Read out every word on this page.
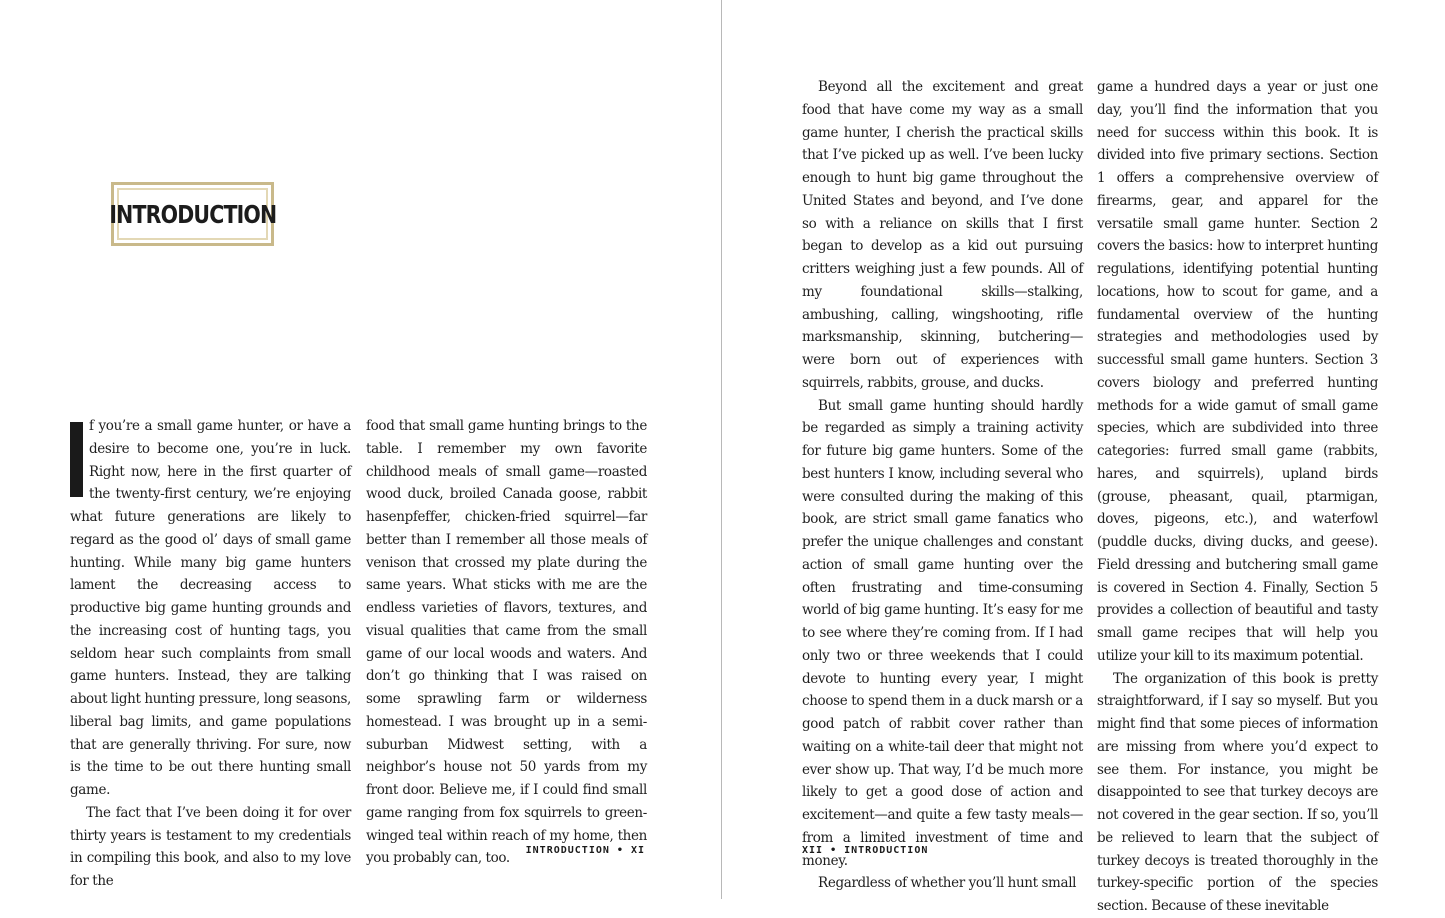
INTRODUCTION

f you’re a small game hunter, or have a desire to become one, you’re in luck. Right now, here in the first quarter of the twenty-first century, we’re enjoying what future generations are likely to regard as the good ol’ days of small game hunting. While many big game hunters lament the decreasing access to productive big game hunting grounds and the increasing cost of hunting tags, you seldom hear such complaints from small game hunters. Instead, they are talking about light hunting pressure, long seasons, liberal bag limits, and game populations that are generally thriving. For sure, now is the time to be out there hunting small game.

The fact that I’ve been doing it for over thirty years is testament to my credentials in compiling this book, and also to my love for the

food that small game hunting brings to the table. I remember my own favorite childhood meals of small game—roasted wood duck, broiled Canada goose, rabbit hasenpfeffer, chicken-fried squirrel—far better than I remember all those meals of venison that crossed my plate during the same years. What sticks with me are the endless varieties of flavors, textures, and visual qualities that came from the small game of our local woods and waters. And don’t go thinking that I was raised on some sprawling farm or wilderness homestead. I was brought up in a semi-suburban Midwest setting, with a neighbor’s house not 50 yards from my front door. Believe me, if I could find small game ranging from fox squirrels to green-winged teal within reach of my home, then you probably can, too.	INTRODUCTION • XI

Beyond all the excitement and great food that have come my way as a small game hunter, I cherish the practical skills that I’ve picked up as well. I’ve been lucky enough to hunt big game throughout the United States and beyond, and I’ve done so with a reliance on skills that I first began to develop as a kid out pursuing critters weighing just a few pounds. All of my foundational skills—stalking, ambushing, calling, wingshooting, rifle marksmanship, skinning, butchering—were born out of experiences with squirrels, rabbits, grouse, and ducks.

But small game hunting should hardly be regarded as simply a training activity for future big game hunters. Some of the best hunters I know, including several who were consulted during the making of this book, are strict small game fanatics who prefer the unique challenges and constant action of small game hunting over the often frustrating and time-consuming world of big game hunting. It’s easy for me to see where they’re coming from. If I had only two or three weekends that I could devote to hunting every year, I might choose to spend them in a duck marsh or a good patch of rabbit cover rather than waiting on a white-tail deer that might not ever show up. That way, I’d be much more likely to get a good dose of action and excitement—and quite a few tasty meals—from a limited investment of time and money.

Regardless of whether you’ll hunt small

game a hundred days a year or just one day, you’ll find the information that you need for success within this book. It is divided into five primary sections. Section 1 offers a comprehensive overview of firearms, gear, and apparel for the versatile small game hunter. Section 2 covers the basics: how to interpret hunting regulations, identifying potential hunting locations, how to scout for game, and a fundamental overview of the hunting strategies and methodologies used by successful small game hunters. Section 3 covers biology and preferred hunting methods for a wide gamut of small game species, which are subdivided into three categories: furred small game (rabbits, hares, and squirrels), upland birds (grouse, pheasant, quail, ptarmigan, doves, pigeons, etc.), and waterfowl (puddle ducks, diving ducks, and geese). Field dressing and butchering small game is covered in Section 4. Finally, Section 5 provides a collection of beautiful and tasty small game recipes that will help you utilize your kill to its maximum potential.

The organization of this book is pretty straightforward, if I say so myself. But you might find that some pieces of information are missing from where you’d expect to see them. For instance, you might be disappointed to see that turkey decoys are not covered in the gear section. If so, you’ll be relieved to learn that the subject of turkey decoys is treated thoroughly in the turkey-specific portion of the species section. Because of these inevitable

XII • INTRODUCTION
